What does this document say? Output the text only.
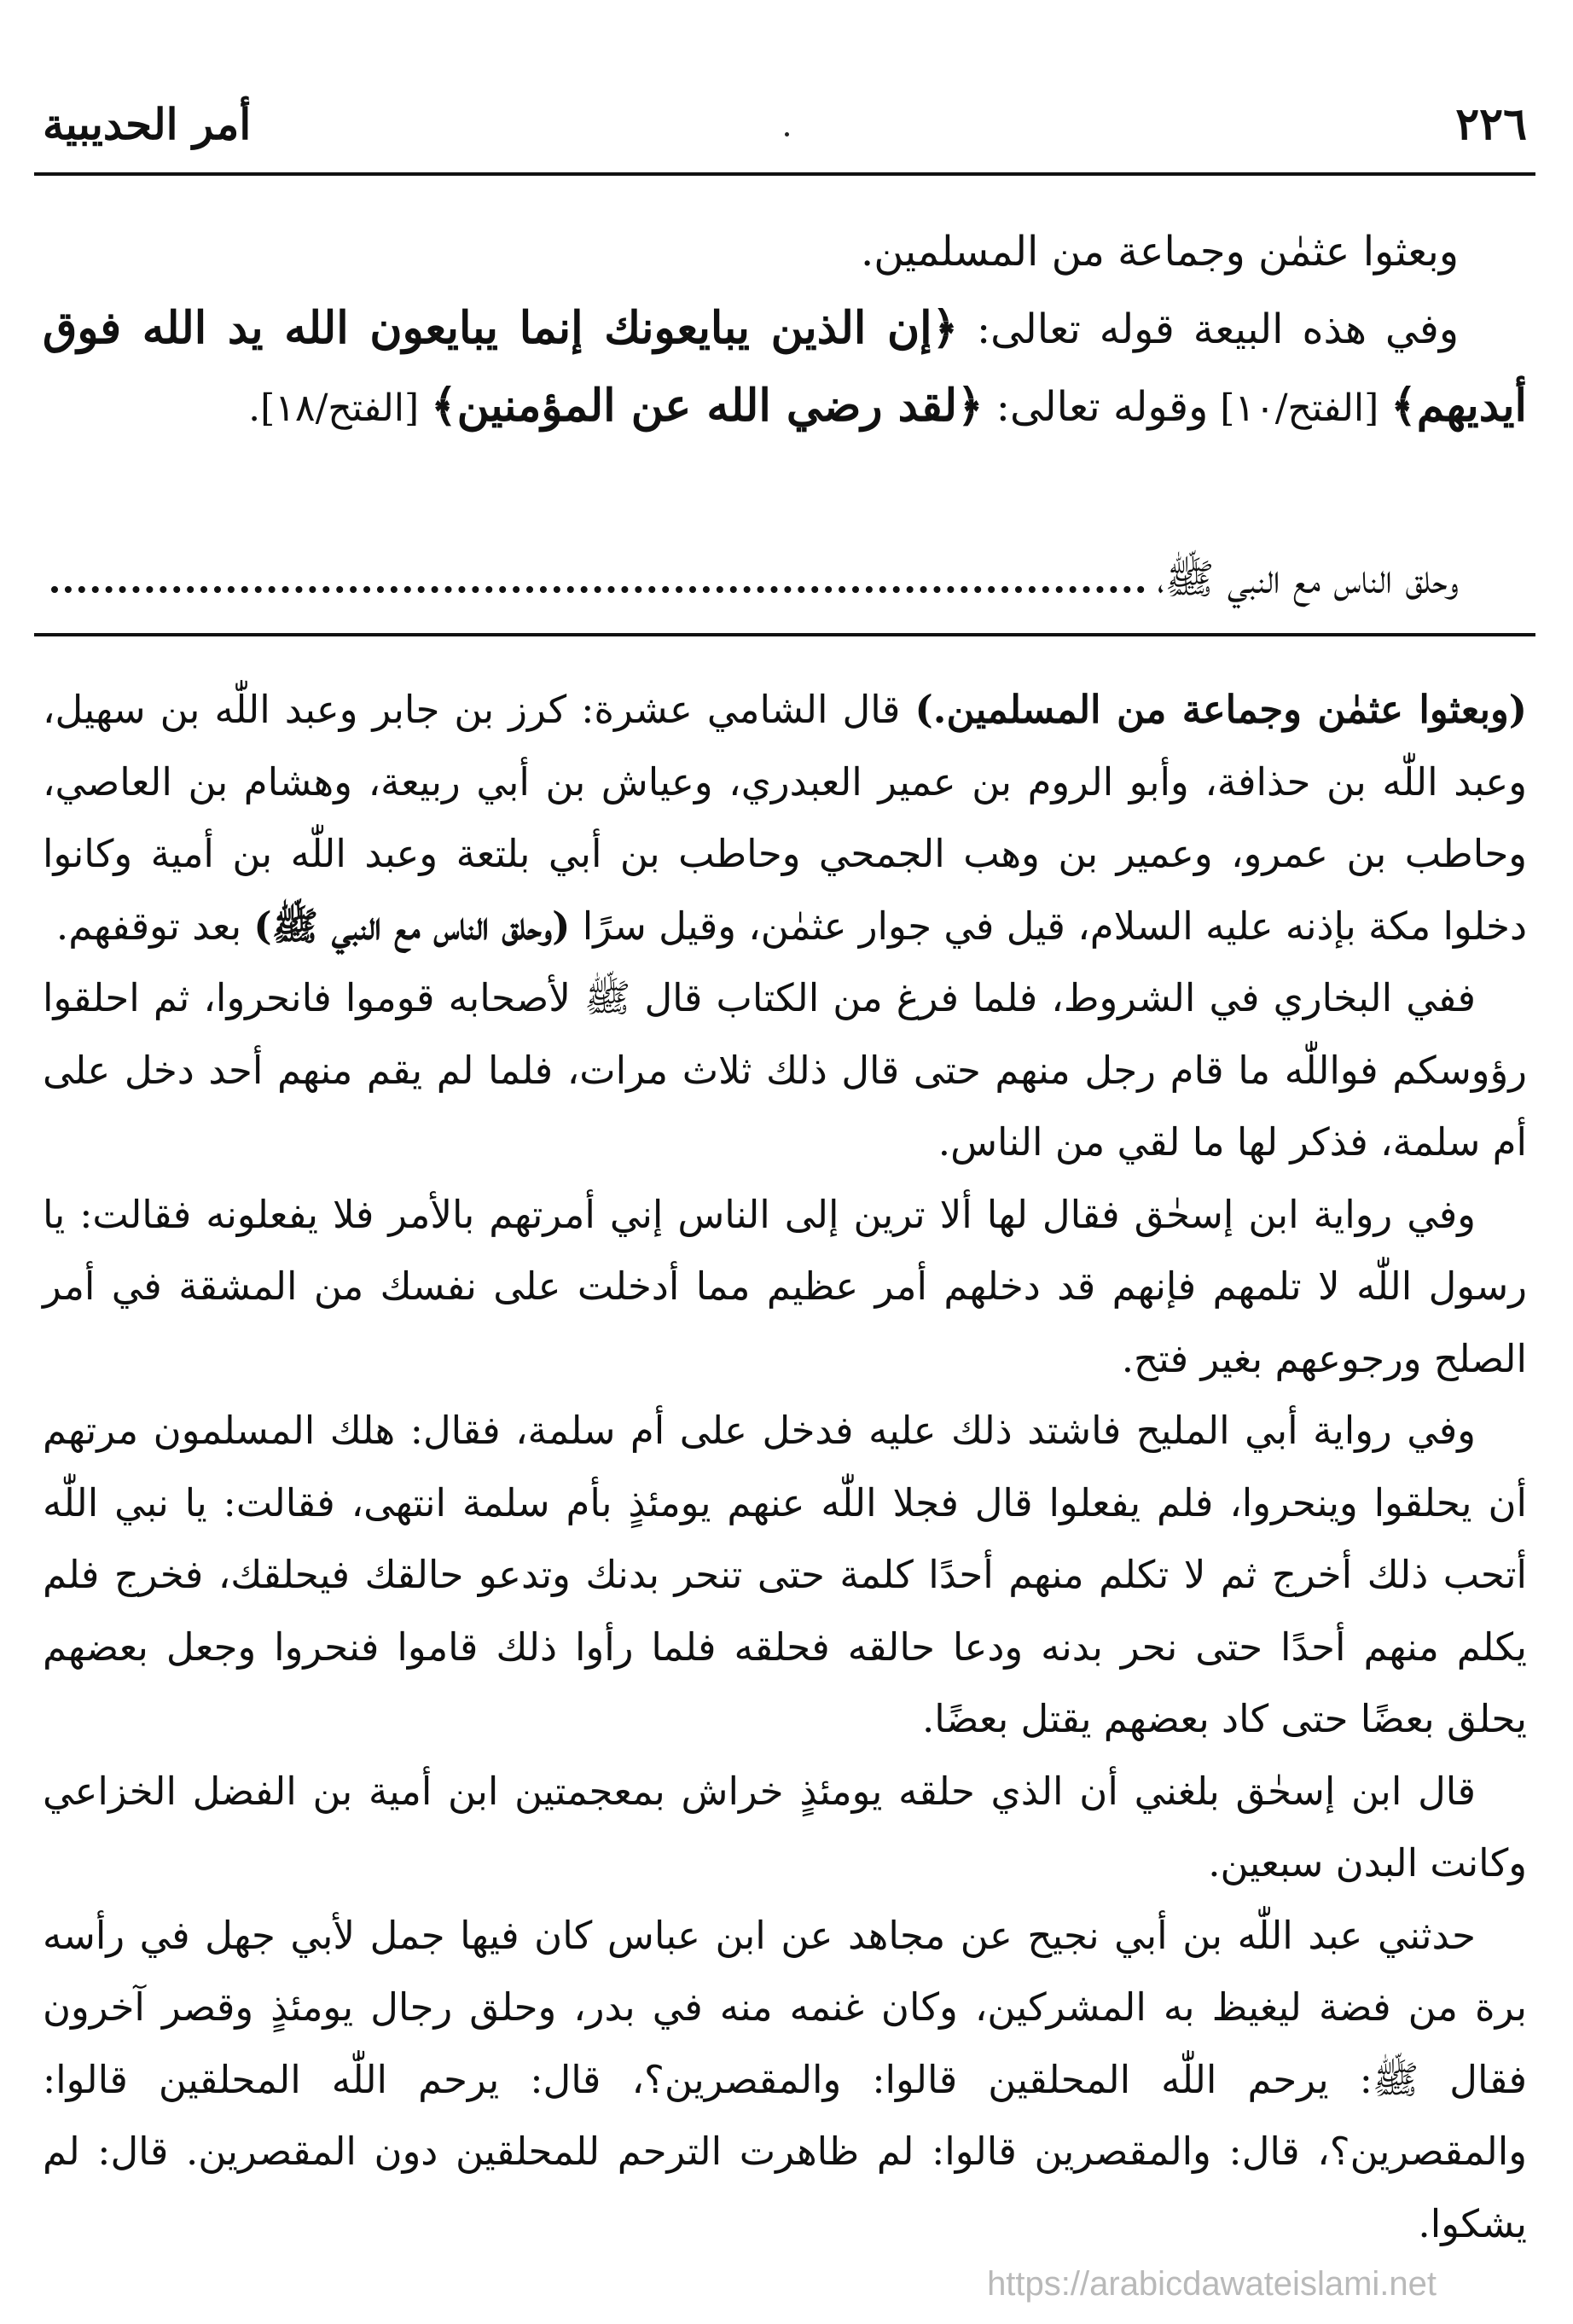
٢٢٦
أمر الحديبية

وبعثوا عثمٰن وجماعة من المسلمين.

وفي هذه البيعة قوله تعالى: ﴿إن الذين يبايعونك إنما يبايعون الله يد الله فوق أيديهم﴾ [الفتح/١٠] وقوله تعالى: ﴿لقد رضي الله عن المؤمنين﴾ [الفتح/١٨].

وحلق الناس مع النبي ﷺ،

(وبعثوا عثمٰن وجماعة من المسلمين.) قال الشامي عشرة: كرز بن جابر وعبد اللّٰه بن سهيل، وعبد اللّٰه بن حذافة، وأبو الروم بن عمير العبدري، وعياش بن أبي ربيعة، وهشام بن العاصي، وحاطب بن عمرو، وعمير بن وهب الجمحي وحاطب بن أبي بلتعة وعبد اللّٰه بن أمية وكانوا دخلوا مكة بإذنه عليه السلام، قيل في جوار عثمٰن، وقيل سرًا (وحلق الناس مع النبي ﷺ) بعد توقفهم.

ففي البخاري في الشروط، فلما فرغ من الكتاب قال ﷺ لأصحابه قوموا فانحروا، ثم احلقوا رؤوسكم فواللّٰه ما قام رجل منهم حتى قال ذلك ثلاث مرات، فلما لم يقم منهم أحد دخل على أم سلمة، فذكر لها ما لقي من الناس.

وفي رواية ابن إسحٰق فقال لها ألا ترين إلى الناس إني أمرتهم بالأمر فلا يفعلونه فقالت: يا رسول اللّٰه لا تلمهم فإنهم قد دخلهم أمر عظيم مما أدخلت على نفسك من المشقة في أمر الصلح ورجوعهم بغير فتح.

وفي رواية أبي المليح فاشتد ذلك عليه فدخل على أم سلمة، فقال: هلك المسلمون مرتهم أن يحلقوا وينحروا، فلم يفعلوا قال فجلا اللّٰه عنهم يومئذٍ بأم سلمة انتهى، فقالت: يا نبي اللّٰه أتحب ذلك أخرج ثم لا تكلم منهم أحدًا كلمة حتى تنحر بدنك وتدعو حالقك فيحلقك، فخرج فلم يكلم منهم أحدًا حتى نحر بدنه ودعا حالقه فحلقه فلما رأوا ذلك قاموا فنحروا وجعل بعضهم يحلق بعضًا حتى كاد بعضهم يقتل بعضًا.

قال ابن إسحٰق بلغني أن الذي حلقه يومئذٍ خراش بمعجمتين ابن أمية بن الفضل الخزاعي وكانت البدن سبعين.

حدثني عبد اللّٰه بن أبي نجيح عن مجاهد عن ابن عباس كان فيها جمل لأبي جهل في رأسه برة من فضة ليغيظ به المشركين، وكان غنمه منه في بدر، وحلق رجال يومئذٍ وقصر آخرون فقال ﷺ: يرحم اللّٰه المحلقين قالوا: والمقصرين؟، قال: يرحم اللّٰه المحلقين قالوا: والمقصرين؟، قال: والمقصرين قالوا: لم ظاهرت الترحم للمحلقين دون المقصرين. قال: لم يشكوا.

https://arabicdawateislami.net
